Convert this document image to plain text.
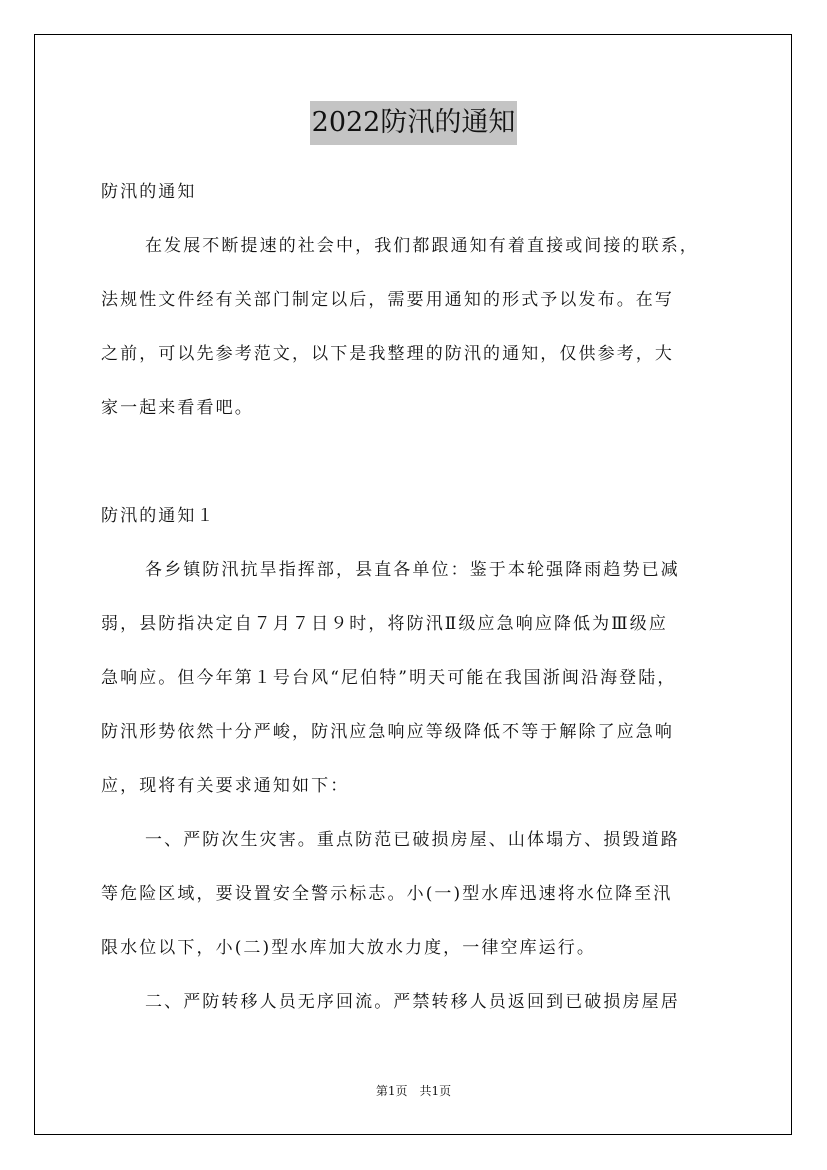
2022防汛的通知

防汛的通知

在发展不断提速的社会中，我们都跟通知有着直接或间接的联系，

法规性文件经有关部门制定以后，需要用通知的形式予以发布。在写

之前，可以先参考范文，以下是我整理的防汛的通知，仅供参考，大

家一起来看看吧。

防汛的通知１

各乡镇防汛抗旱指挥部，县直各单位：鉴于本轮强降雨趋势已减

弱，县防指决定自７月７日９时，将防汛Ⅱ级应急响应降低为Ⅲ级应

急响应。但今年第１号台风“尼伯特”明天可能在我国浙闽沿海登陆，

防汛形势依然十分严峻，防汛应急响应等级降低不等于解除了应急响

应，现将有关要求通知如下：

一、严防次生灾害。重点防范已破损房屋、山体塌方、损毁道路

等危险区域，要设置安全警示标志。小(一)型水库迅速将水位降至汛

限水位以下，小(二)型水库加大放水力度，一律空库运行。

二、严防转移人员无序回流。严禁转移人员返回到已破损房屋居

第1页　共1页
